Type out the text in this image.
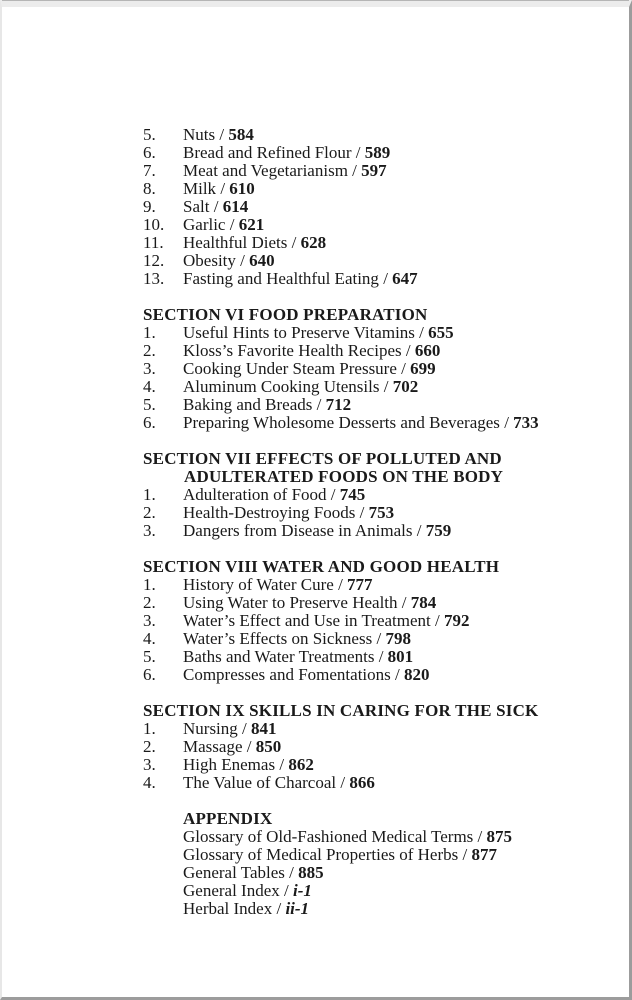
5. Nuts / 584
6. Bread and Refined Flour / 589
7. Meat and Vegetarianism / 597
8. Milk / 610
9. Salt / 614
10. Garlic / 621
11. Healthful Diets / 628
12. Obesity / 640
13. Fasting and Healthful Eating / 647
SECTION VI FOOD PREPARATION
1. Useful Hints to Preserve Vitamins / 655
2. Kloss’s Favorite Health Recipes / 660
3. Cooking Under Steam Pressure / 699
4. Aluminum Cooking Utensils / 702
5. Baking and Breads / 712
6. Preparing Wholesome Desserts and Beverages / 733
SECTION VII EFFECTS OF POLLUTED AND
ADULTERATED FOODS ON THE BODY
1. Adulteration of Food / 745
2. Health-Destroying Foods / 753
3. Dangers from Disease in Animals / 759
SECTION VIII WATER AND GOOD HEALTH
1. History of Water Cure / 777
2. Using Water to Preserve Health / 784
3. Water’s Effect and Use in Treatment / 792
4. Water’s Effects on Sickness / 798
5. Baths and Water Treatments / 801
6. Compresses and Fomentations / 820
SECTION IX SKILLS IN CARING FOR THE SICK
1. Nursing / 841
2. Massage / 850
3. High Enemas / 862
4. The Value of Charcoal / 866
APPENDIX
Glossary of Old-Fashioned Medical Terms / 875
Glossary of Medical Properties of Herbs / 877
General Tables / 885
General Index / i-1
Herbal Index / ii-1
